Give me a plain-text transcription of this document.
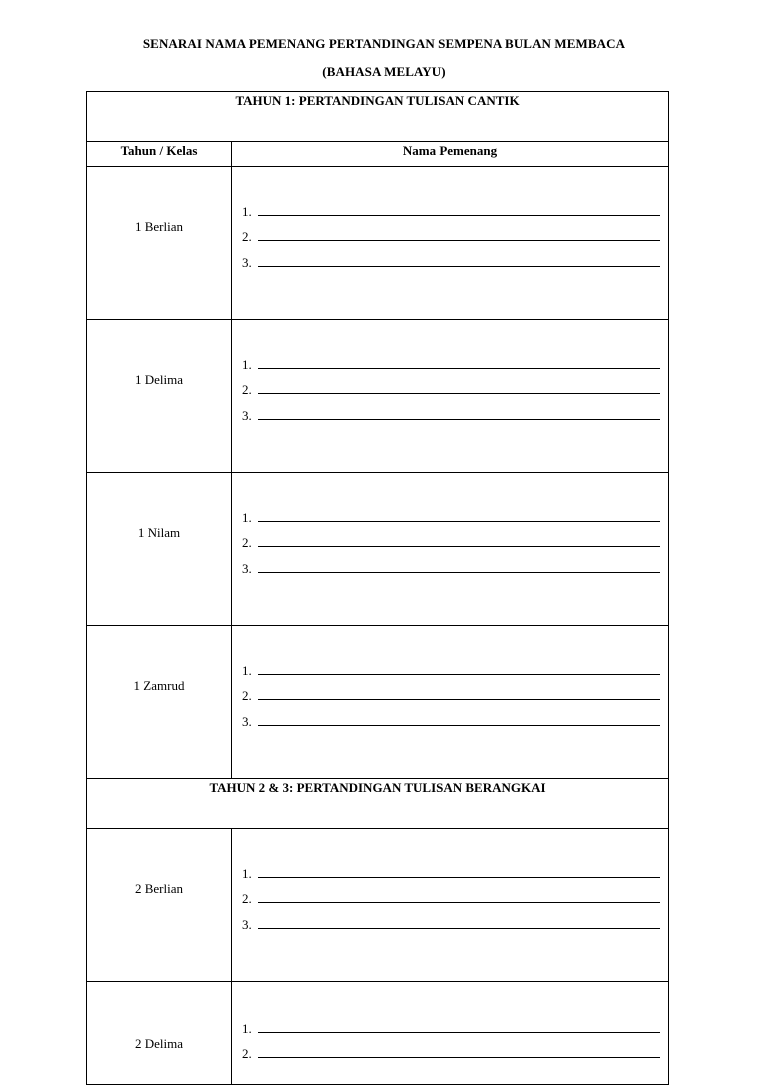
SENARAI NAMA PEMENANG PERTANDINGAN SEMPENA BULAN MEMBACA
(BAHASA MELAYU)
TAHUN 1: PERTANDINGAN TULISAN CANTIK	

Tahun / Kelas	Nama Pemenang

1 Berlian	1.
2.
3.

1 Delima	1.
2.
3.

1 Nilam	1.
2.
3.

1 Zamrud	1.
2.
3.

TAHUN 2 & 3: PERTANDINGAN TULISAN BERANGKAI	

2 Berlian	1.
2.
3.

2 Delima	1.
2.
